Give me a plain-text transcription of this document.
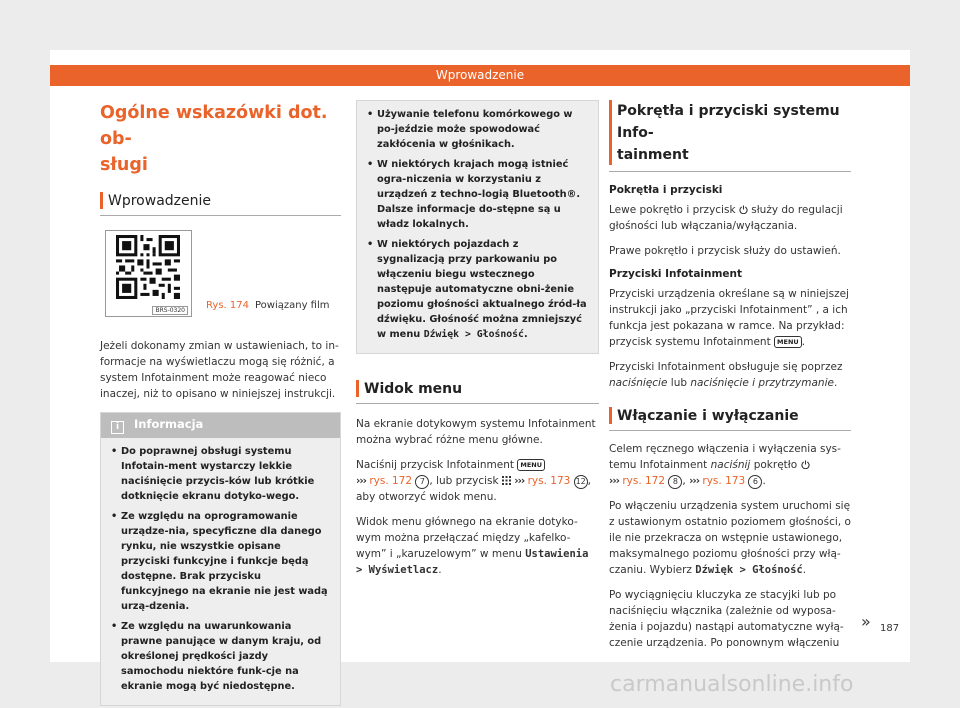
Wprowadzenie
Ogólne wskazówki dot. ob-
sługi
Wprowadzenie
BRS-0320	Rys. 174 Powiązany film

Jeżeli dokonamy zmian w ustawieniach, to in-formacje na wyświetlaczu mogą się różnić, a system Infotainment może reagować nieco inaczej, niż to opisano w niniejszej instrukcji.

i Informacja
• Do poprawnej obsługi systemu Infotain-ment wystarczy lekkie naciśnięcie przycis-ków lub krótkie dotknięcie ekranu dotyko-wego.
• Ze względu na oprogramowanie urządze-nia, specyficzne dla danego rynku, nie wszystkie opisane przyciski funkcyjne i funkcje będą dostępne. Brak przycisku funkcyjnego na ekranie nie jest wadą urzą-dzenia.
• Ze względu na uwarunkowania prawne panujące w danym kraju, od określonej prędkości jazdy samochodu niektóre funk-cje na ekranie mogą być niedostępne.
• Używanie telefonu komórkowego w po-jeździe może spowodować zakłócenia w głośnikach.
• W niektórych krajach mogą istnieć ogra-niczenia w korzystaniu z urządzeń z techno-logią Bluetooth®. Dalsze informacje do-stępne są u władz lokalnych.
• W niektórych pojazdach z sygnalizacją przy parkowaniu po włączeniu biegu wstecznego następuje automatyczne obni-żenie poziomu głośności aktualnego źród-ła dźwięku. Głośność można zmniejszyć w menu Dźwięk > Głośność.
Widok menu

Na ekranie dotykowym systemu Infotainment można wybrać różne menu główne.

Naciśnij przycisk Infotainment MENU
››› rys. 172 7 , lub przycisk ››› rys. 173 12 , aby otworzyć widok menu.

Widok menu głównego na ekranie dotyko-wym można przełączać między „kafelko-wym” i „karuzelowym” w menu Ustawienia > Wyświetlacz.

Pokrętła i przyciski systemu Info-
tainment
Pokrętła i przyciski

Lewe pokrętło i przycisk służy do regulacji głośności lub włączania/wyłączania.

Prawe pokrętło i przycisk służy do ustawień.

Przyciski Infotainment

Przyciski urządzenia określane są w niniejszej instrukcji jako „przyciski Infotainment” , a ich funkcja jest pokazana w ramce. Na przykład: przycisk systemu Infotainment MENU .

Przyciski Infotainment obsługuje się poprzez naciśnięcie lub naciśnięcie i przytrzymanie.

Włączanie i wyłączanie

Celem ręcznego włączenia i wyłączenia sys-temu Infotainment naciśnij pokrętło
››› rys. 172 8 , ››› rys. 173 6 .

Po włączeniu urządzenia system uruchomi się z ustawionym ostatnio poziomem głośności, o ile nie przekracza on wstępnie ustawionego, maksymalnego poziomu głośności przy włą-czaniu. Wybierz Dźwięk > Głośność.

Po wyciągnięciu kluczyka ze stacyjki lub po naciśnięciu włącznika (zależnie od wyposa-żenia i pojazdu) nastąpi automatyczne wyłą-czenie urządzenia. Po ponownym włączeniu

» 187
carmanualsonline.info
